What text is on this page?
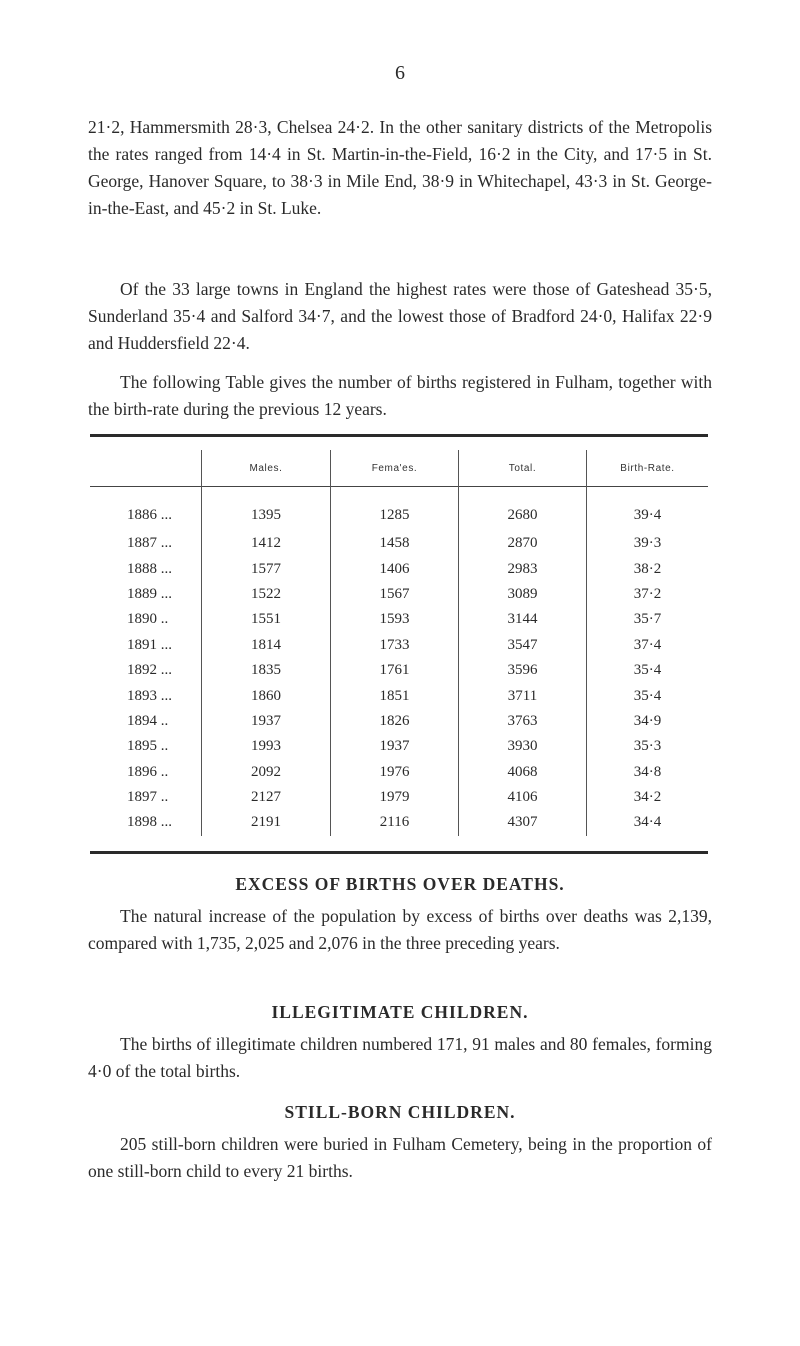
6

21·2, Hammersmith 28·3, Chelsea 24·2. In the other sanitary districts of the Metropolis the rates ranged from 14·4 in St. Martin-in-the-Field, 16·2 in the City, and 17·5 in St. George, Hanover Square, to 38·3 in Mile End, 38·9 in Whitechapel, 43·3 in St. George-in-the-East, and 45·2 in St. Luke.

Of the 33 large towns in England the highest rates were those of Gateshead 35·5, Sunderland 35·4 and Salford 34·7, and the lowest those of Bradford 24·0, Halifax 22·9 and Huddersfield 22·4.

The following Table gives the number of births registered in Fulham, together with the birth-rate during the previous 12 years.

	Males.	Fema'es.	Total.	Birth-Rate.
1886 ...	1395	1285	2680	39·4
1887 ...	1412	1458	2870	39·3
1888 ...	1577	1406	2983	38·2
1889 ...	1522	1567	3089	37·2
1890 ..	1551	1593	3144	35·7
1891 ...	1814	1733	3547	37·4
1892 ...	1835	1761	3596	35·4
1893 ...	1860	1851	3711	35·4
1894 ..	1937	1826	3763	34·9
1895 ..	1993	1937	3930	35·3
1896 ..	2092	1976	4068	34·8
1897 ..	2127	1979	4106	34·2
1898 ...	2191	2116	4307	34·4
EXCESS OF BIRTHS OVER DEATHS.

The natural increase of the population by excess of births over deaths was 2,139, compared with 1,735, 2,025 and 2,076 in the three preceding years.

ILLEGITIMATE CHILDREN.

The births of illegitimate children numbered 171, 91 males and 80 females, forming 4·0 of the total births.

STILL-BORN CHILDREN.

205 still-born children were buried in Fulham Cemetery, being in the proportion of one still-born child to every 21 births.
